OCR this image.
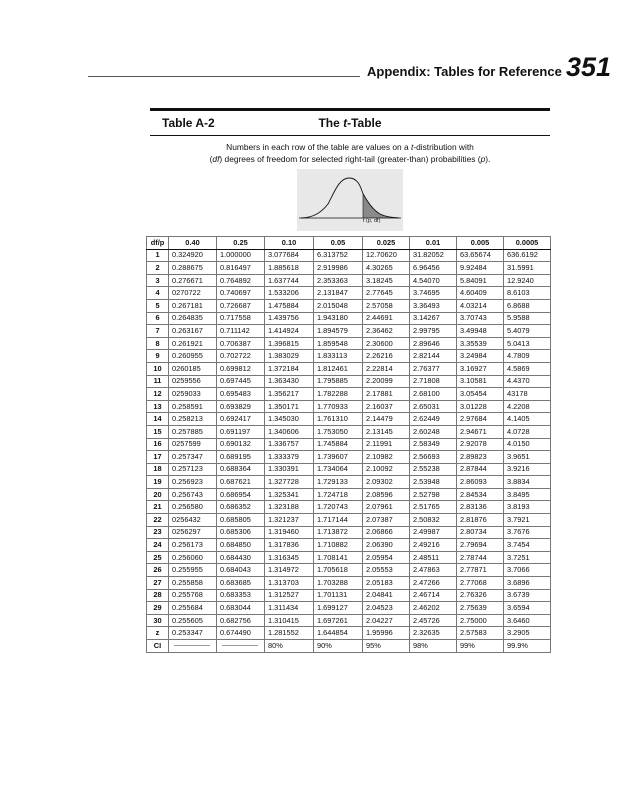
Appendix: Tables for Reference 351
Table A-2	The t-Table
Numbers in each row of the table are values on a t-distribution with
(df) degrees of freedom for selected right-tail (greater-than) probabilities (p).
t (p, df)
df/p	0.40	0.25	0.10	0.05	0.025	0.01	0.005	0.0005
1	0.324920	1.000000	3.077684	6.313752	12.70620	31.82052	63.65674	636.6192
2	0.288675	0.816497	1.885618	2.919986	4.30265	6.96456	9.92484	31.5991
3	0.276671	0.764892	1.637744	2.353363	3.18245	4.54070	5.84091	12.9240
4	0270722	0.740697	1.533206	2.131847	2.77645	3.74695	4.60409	8.6103
5	0.267181	0.726687	1.475884	2.015048	2.57058	3.36493	4.03214	6.8688
6	0.264835	0.717558	1.439756	1.943180	2.44691	3.14267	3.70743	5.9588
7	0.263167	0.711142	1.414924	1.894579	2.36462	2.99795	3.49948	5.4079
8	0.261921	0.706387	1.396815	1.859548	2.30600	2.89646	3.35539	5.0413
9	0.260955	0.702722	1.383029	1.833113	2.26216	2.82144	3.24984	4.7809
10	0260185	0.699812	1.372184	1.812461	2.22814	2.76377	3.16927	4.5869
11	0259556	0.697445	1.363430	1.795885	2.20099	2.71808	3.10581	4.4370
12	0259033	0.695483	1.356217	1.782288	2.17881	2.68100	3.05454	43178
13	0.258591	0.693829	1.350171	1.770933	2.16037	2.65031	3.01228	4.2208
14	0.258213	0.692417	1.345030	1.761310	2.14479	2.62449	2.97684	4.1405
15	0.257885	0.691197	1.340606	1.753050	2.13145	2.60248	2.94671	4.0728
16	0257599	0.690132	1.336757	1.745884	2.11991	2.58349	2.92078	4.0150
17	0.257347	0.689195	1.333379	1.739607	2.10982	2.56693	2.89823	3.9651
18	0.257123	0.688364	1.330391	1.734064	2.10092	2.55238	2.87844	3.9216
19	0.256923	0.687621	1.327728	1.729133	2.09302	2.53948	2.86093	3.8834
20	0.256743	0.686954	1.325341	1.724718	2.08596	2.52798	2.84534	3.8495
21	0.256580	0.686352	1.323188	1.720743	2.07961	2.51765	2.83136	3.8193
22	0256432	0.685805	1.321237	1.717144	2.07387	2.50832	2.81876	3.7921
23	0256297	0.685306	1.319460	1.713872	2.06866	2.49987	2.80734	3.7676
24	0.256173	0.684850	1.317836	1.710882	2.06390	2.49216	2.79694	3.7454
25	0.256060	0.684430	1.316345	1.708141	2.05954	2.48511	2.78744	3.7251
26	0.255955	0.684043	1.314972	1.705618	2.05553	2.47863	2.77871	3.7066
27	0.255858	0.683685	1.313703	1.703288	2.05183	2.47266	2.77068	3.6896
28	0.255768	0.683353	1.312527	1.701131	2.04841	2.46714	2.76326	3.6739
29	0.255684	0.683044	1.311434	1.699127	2.04523	2.46202	2.75639	3.6594
30	0.255605	0.682756	1.310415	1.697261	2.04227	2.45726	2.75000	3.6460
z	0.253347	0.674490	1.281552	1.644854	1.95996	2.32635	2.57583	3.2905
CI			80%	90%	95%	98%	99%	99.9%
